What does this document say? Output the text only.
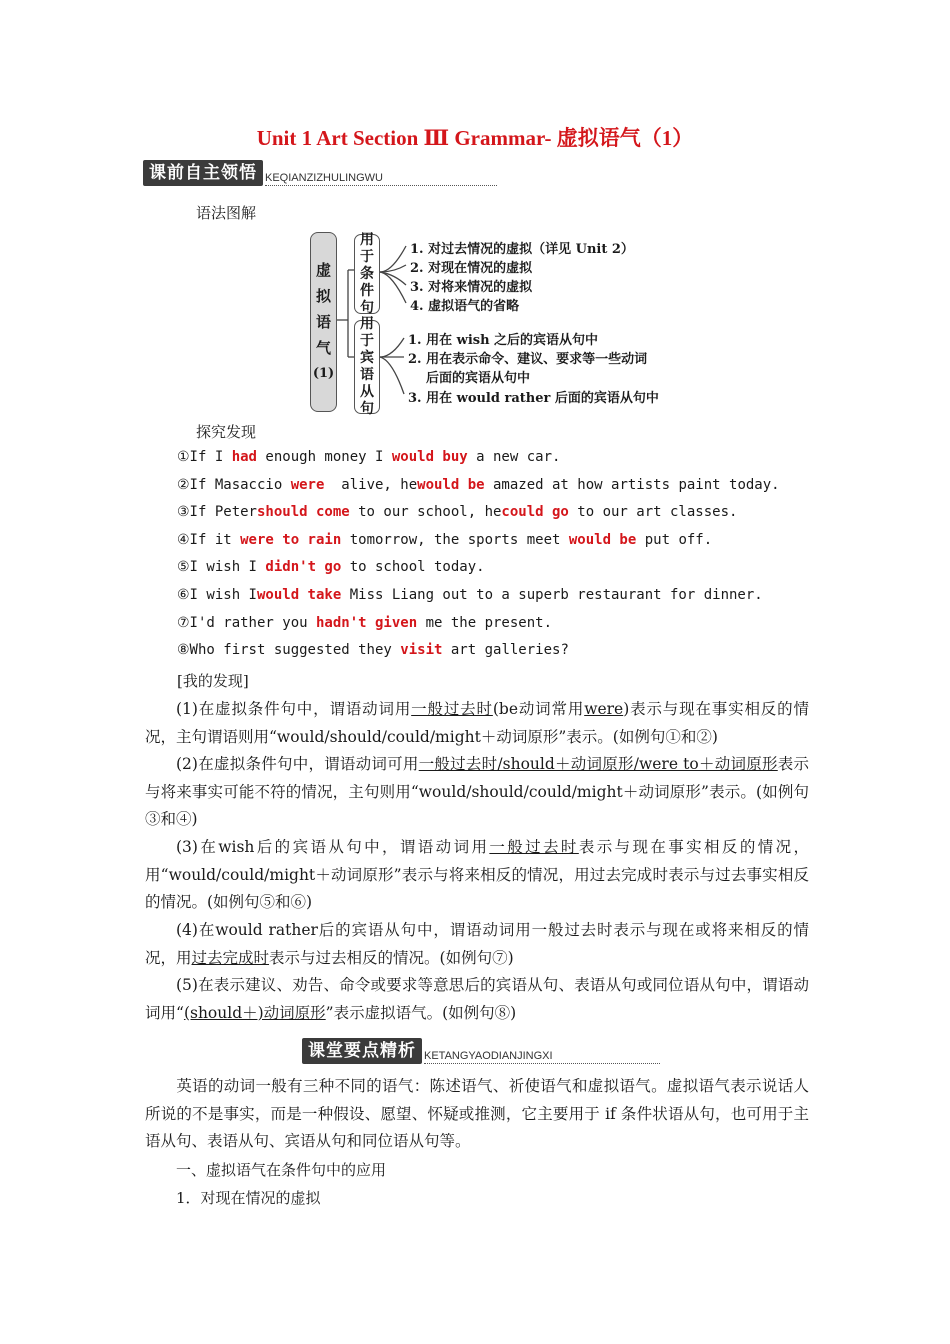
Unit 1 Art Section Ⅲ Grammar- 虚拟语气（1）
课前自主领悟 KEQIANZIZHULINGWU
语法图解
虚
拟
语
气
(1)
用
于
条
件
句
用
于
宾
语
从
句
1. 对过去情况的虚拟（详见 Unit 2）
2. 对现在情况的虚拟
3. 对将来情况的虚拟
4. 虚拟语气的省略
1. 用在 wish 之后的宾语从句中
2. 用在表示命令、建议、要求等一些动词
后面的宾语从句中
3. 用在 would rather 后面的宾语从句中
探究发现
①If I had enough money I would buy a new car.
②If Masaccio were  alive, hewould be amazed at how artists paint today.
③If Petershould come to our school, hecould go to our art classes.
④If it were to rain tomorrow, the sports meet would be put off.
⑤I wish I didn't go to school today.
⑥I wish Iwould take Miss Liang out to a superb restaurant for dinner.
⑦I'd rather you hadn't given me the present.
⑧Who first suggested they visit art galleries?
[我的发现]
(1)在虚拟条件句中，谓语动词用一般过去时(be动词常用were)表示与现在事实相反的情况，主句谓语则用“would/should/could/might＋动词原形”表示。(如例句①和②)
(2)在虚拟条件句中，谓语动词可用一般过去时/should＋动词原形/were to＋动词原形表示与将来事实可能不符的情况，主句则用“would/should/could/might＋动词原形”表示。(如例句③和④)
(3)在wish后的宾语从句中，谓语动词用一般过去时表示与现在事实相反的情况，用“would/could/might＋动词原形”表示与将来相反的情况，用过去完成时表示与过去事实相反的情况。(如例句⑤和⑥)
(4)在would rather后的宾语从句中，谓语动词用一般过去时表示与现在或将来相反的情况，用过去完成时表示与过去相反的情况。(如例句⑦)
(5)在表示建议、劝告、命令或要求等意思后的宾语从句、表语从句或同位语从句中，谓语动词用“(should＋)动词原形”表示虚拟语气。(如例句⑧)
课堂要点精析 KETANGYAODIANJINGXI
英语的动词一般有三种不同的语气：陈述语气、祈使语气和虚拟语气。虚拟语气表示说话人所说的不是事实，而是一种假设、愿望、怀疑或推测，它主要用于 if 条件状语从句，也可用于主语从句、表语从句、宾语从句和同位语从句等。
一、虚拟语气在条件句中的应用
1．对现在情况的虚拟
